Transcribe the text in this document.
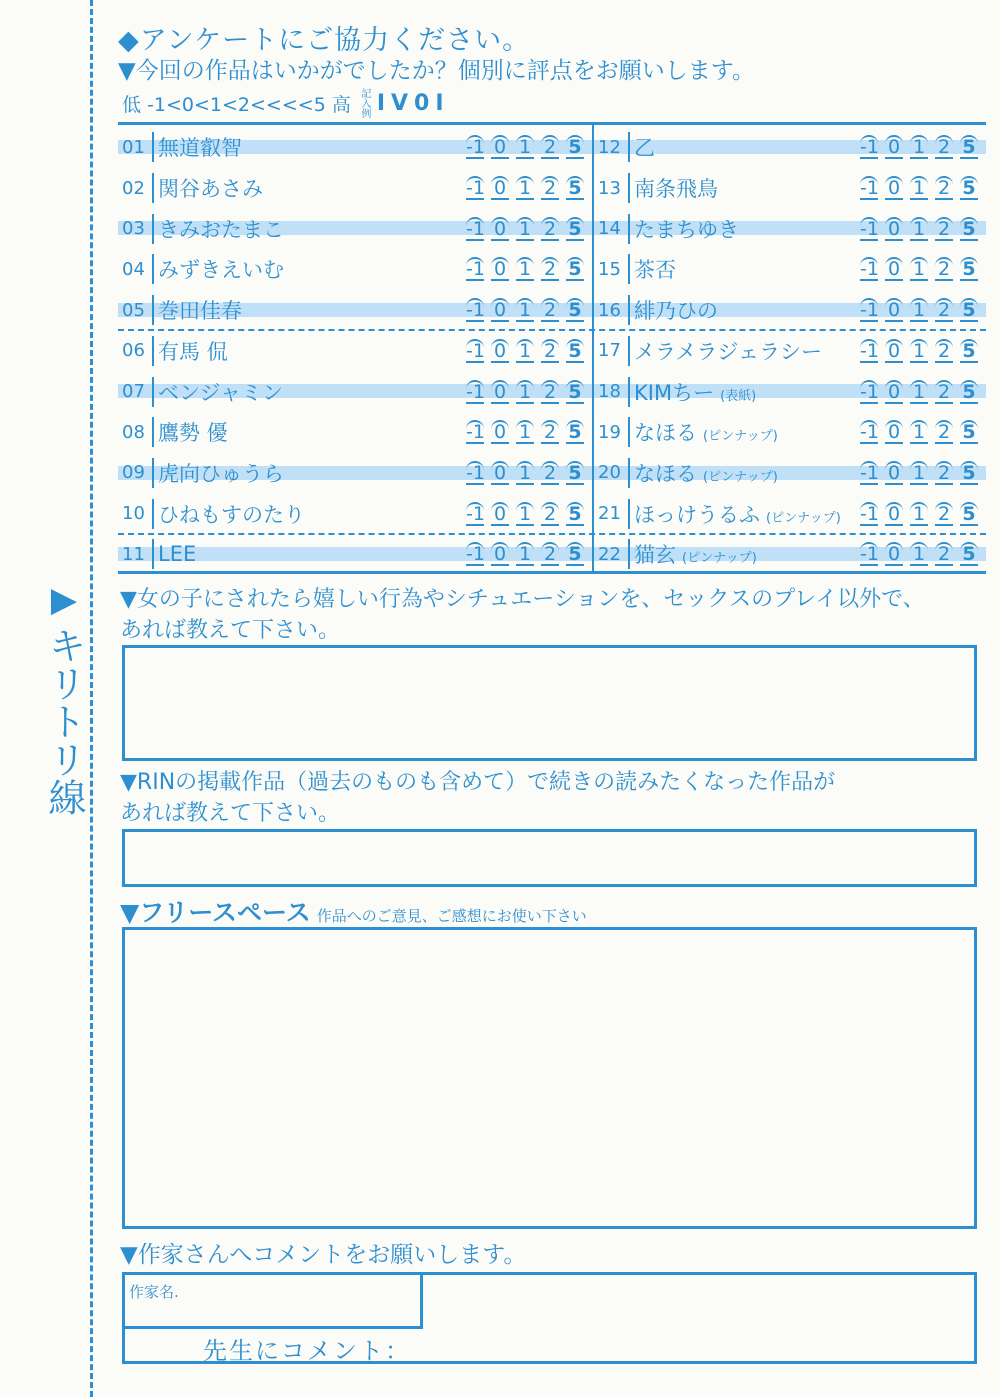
▶
キリトリ線
◆アンケートにご協力ください。
▼今回の作品はいかがでしたか？個別に評点をお願いします。
低 -1<0<1<2<<<<5 高 記入例 I V 0 I
01 無道叡智	-1 0 1 2 5
02 関谷あさみ	-1 0 1 2 5
03 きみおたまこ	-1 0 1 2 5
04 みずきえいむ	-1 0 1 2 5
05 巻田佳春	-1 0 1 2 5
06 有馬 侃	-1 0 1 2 5
07 ベンジャミン	-1 0 1 2 5
08 鷹勢 優	-1 0 1 2 5
09 虎向ひゅうら	-1 0 1 2 5
10 ひねもすのたり	-1 0 1 2 5
11 LEE	-1 0 1 2 5
12 乙	-1 0 1 2 5
13 南条飛鳥	-1 0 1 2 5
14 たまちゆき	-1 0 1 2 5
15 茶否	-1 0 1 2 5
16 緋乃ひの	-1 0 1 2 5
17 メラメラジェラシー	-1 0 1 2 5
18 KIMちー (表紙)	-1 0 1 2 5
19 なほる (ピンナップ)	-1 0 1 2 5
20 なほる (ピンナップ)	-1 0 1 2 5
21 ほっけうるふ (ピンナップ)	-1 0 1 2 5
22 猫玄 (ピンナップ)	-1 0 1 2 5
▼女の子にされたら嬉しい行為やシチュエーションを、セックスのプレイ以外で、
あれば教えて下さい。
▼RINの掲載作品（過去のものも含めて）で続きの読みたくなった作品が
あれば教えて下さい。
▼フリースペース 作品へのご意見、ご感想にお使い下さい
▼作家さんへコメントをお願いします。
作家名.
先生にコメント：
